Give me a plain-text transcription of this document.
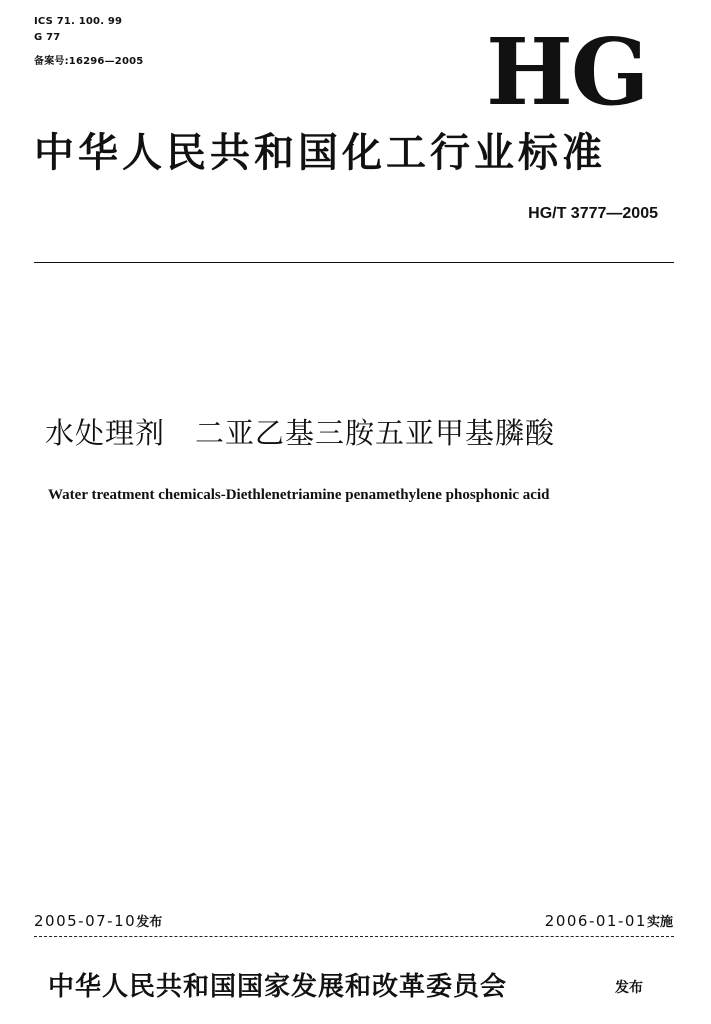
ICS 71. 100. 99
G 77
备案号:16296—2005	HG
中华人民共和国化工行业标准
HG/T 3777—2005
水处理剂　二亚乙基三胺五亚甲基膦酸
Water treatment chemicals-Diethlenetriamine penamethylene phosphonic acid
2005-07-10发布	2006-01-01实施
中华人民共和国国家发展和改革委员会	发布
